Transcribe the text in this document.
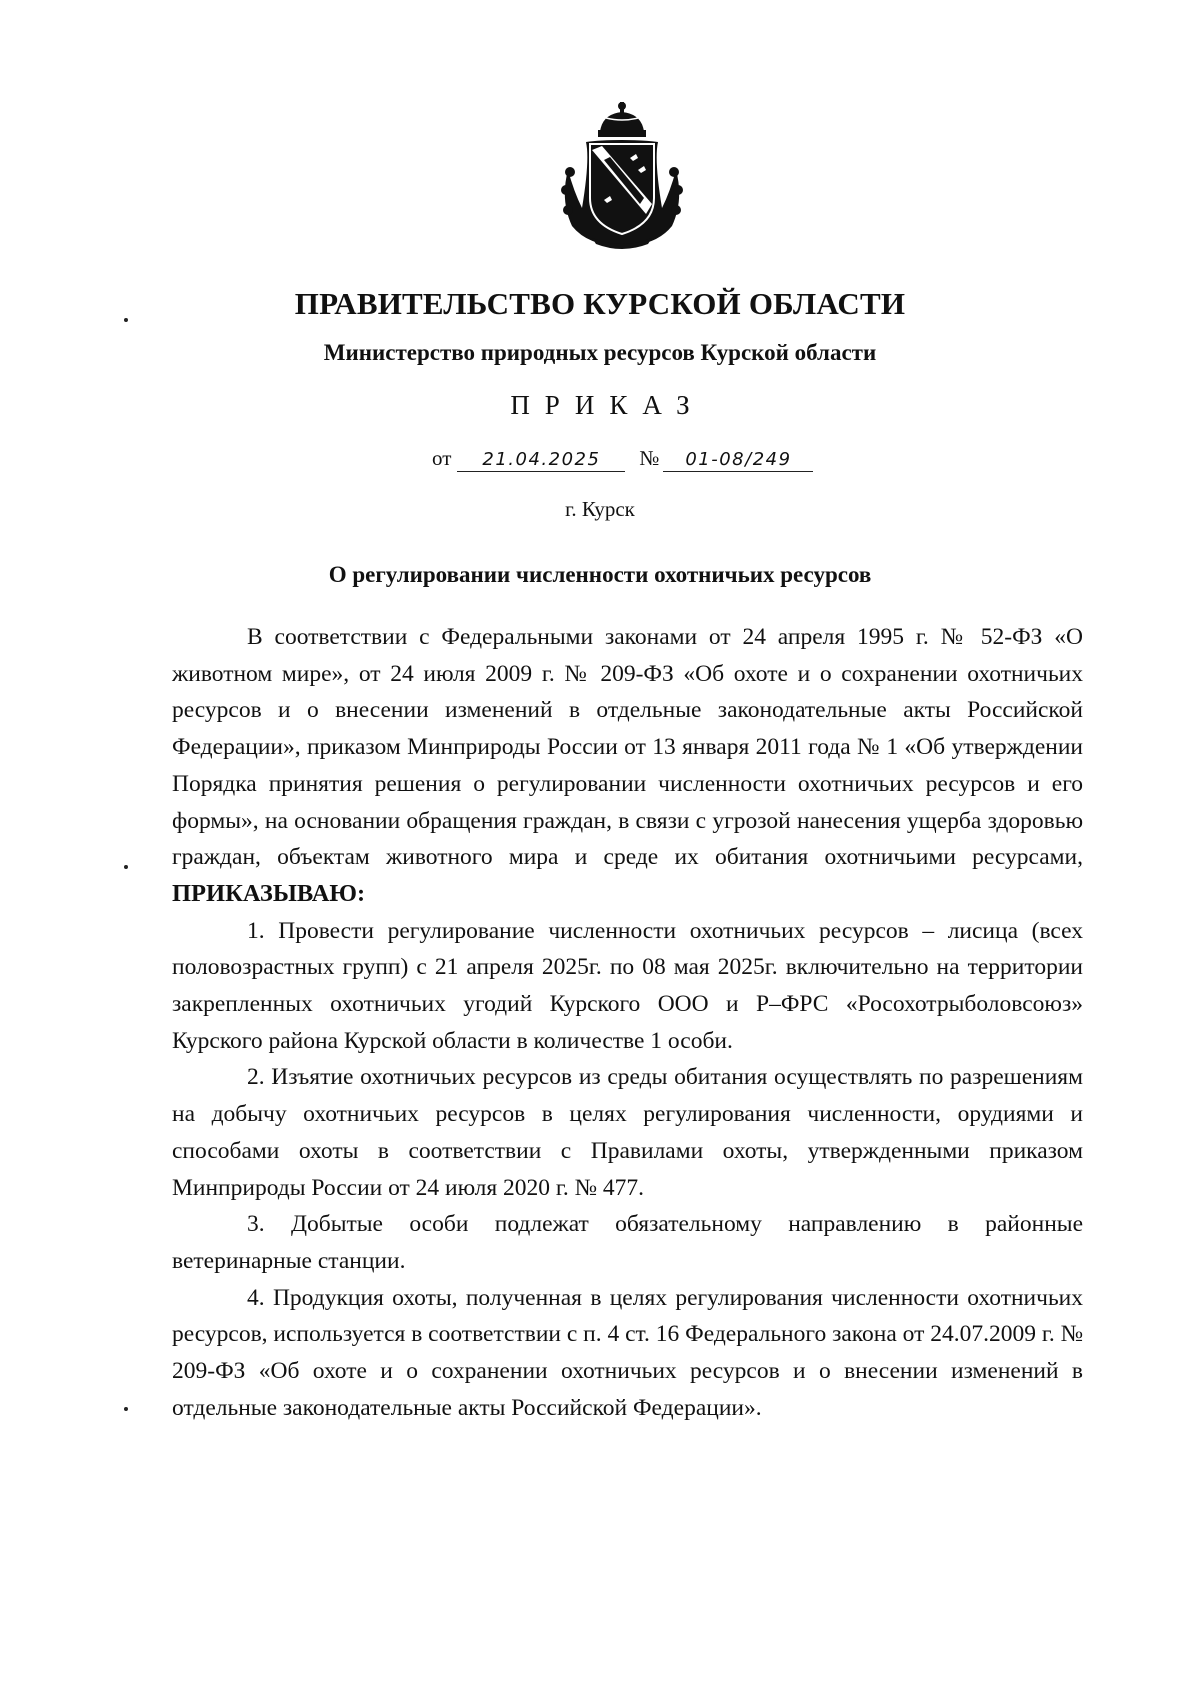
ПРАВИТЕЛЬСТВО КУРСКОЙ ОБЛАСТИ
Министерство природных ресурсов Курской области
ПРИКАЗ
от 21.04.2025 № 01-08/249
г. Курск
О регулировании численности охотничьих ресурсов

В соответствии с Федеральными законами от 24 апреля 1995 г. № 52-ФЗ «О животном мире», от 24 июля 2009 г. № 209-ФЗ «Об охоте и о сохранении охотничьих ресурсов и о внесении изменений в отдельные законодательные акты Российской Федерации», приказом Минприроды России от 13 января 2011 года № 1 «Об утверждении Порядка принятия решения о регулировании численности охотничьих ресурсов и его формы», на основании обращения граждан, в связи с угрозой нанесения ущерба здоровью граждан, объектам животного мира и среде их обитания охотничьими ресурсами, ПРИКАЗЫВАЮ:

1. Провести регулирование численности охотничьих ресурсов – лисица (всех половозрастных групп) с 21 апреля 2025г. по 08 мая 2025г. включительно на территории закрепленных охотничьих угодий Курского ООО и Р–ФРС «Росохотрыболовсоюз» Курского района Курской области в количестве 1 особи.

2. Изъятие охотничьих ресурсов из среды обитания осуществлять по разрешениям на добычу охотничьих ресурсов в целях регулирования численности, орудиями и способами охоты в соответствии с Правилами охоты, утвержденными приказом Минприроды России от 24 июля 2020 г. № 477.

3. Добытые особи подлежат обязательному направлению в районные ветеринарные станции.

4. Продукция охоты, полученная в целях регулирования численности охотничьих ресурсов, используется в соответствии с п. 4 ст. 16 Федерального закона от 24.07.2009 г. № 209-ФЗ «Об охоте и о сохранении охотничьих ресурсов и о внесении изменений в отдельные законодательные акты Российской Федерации».
